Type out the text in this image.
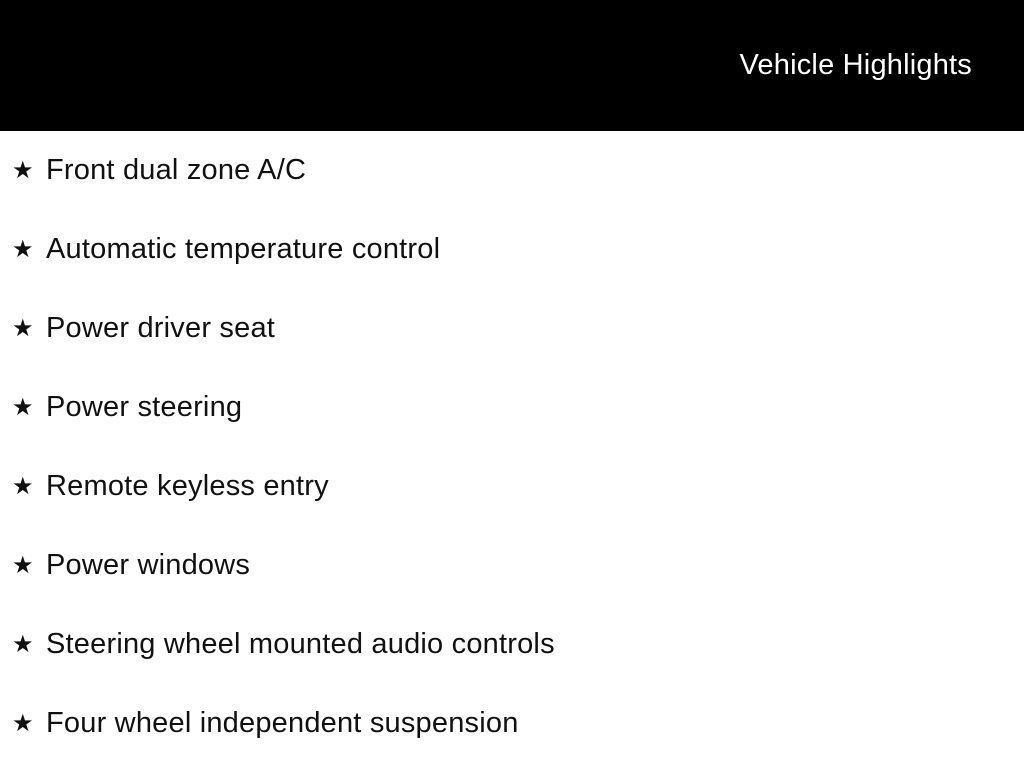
Vehicle Highlights
★ Front dual zone A/C
★ Automatic temperature control
★ Power driver seat
★ Power steering
★ Remote keyless entry
★ Power windows
★ Steering wheel mounted audio controls
★ Four wheel independent suspension
